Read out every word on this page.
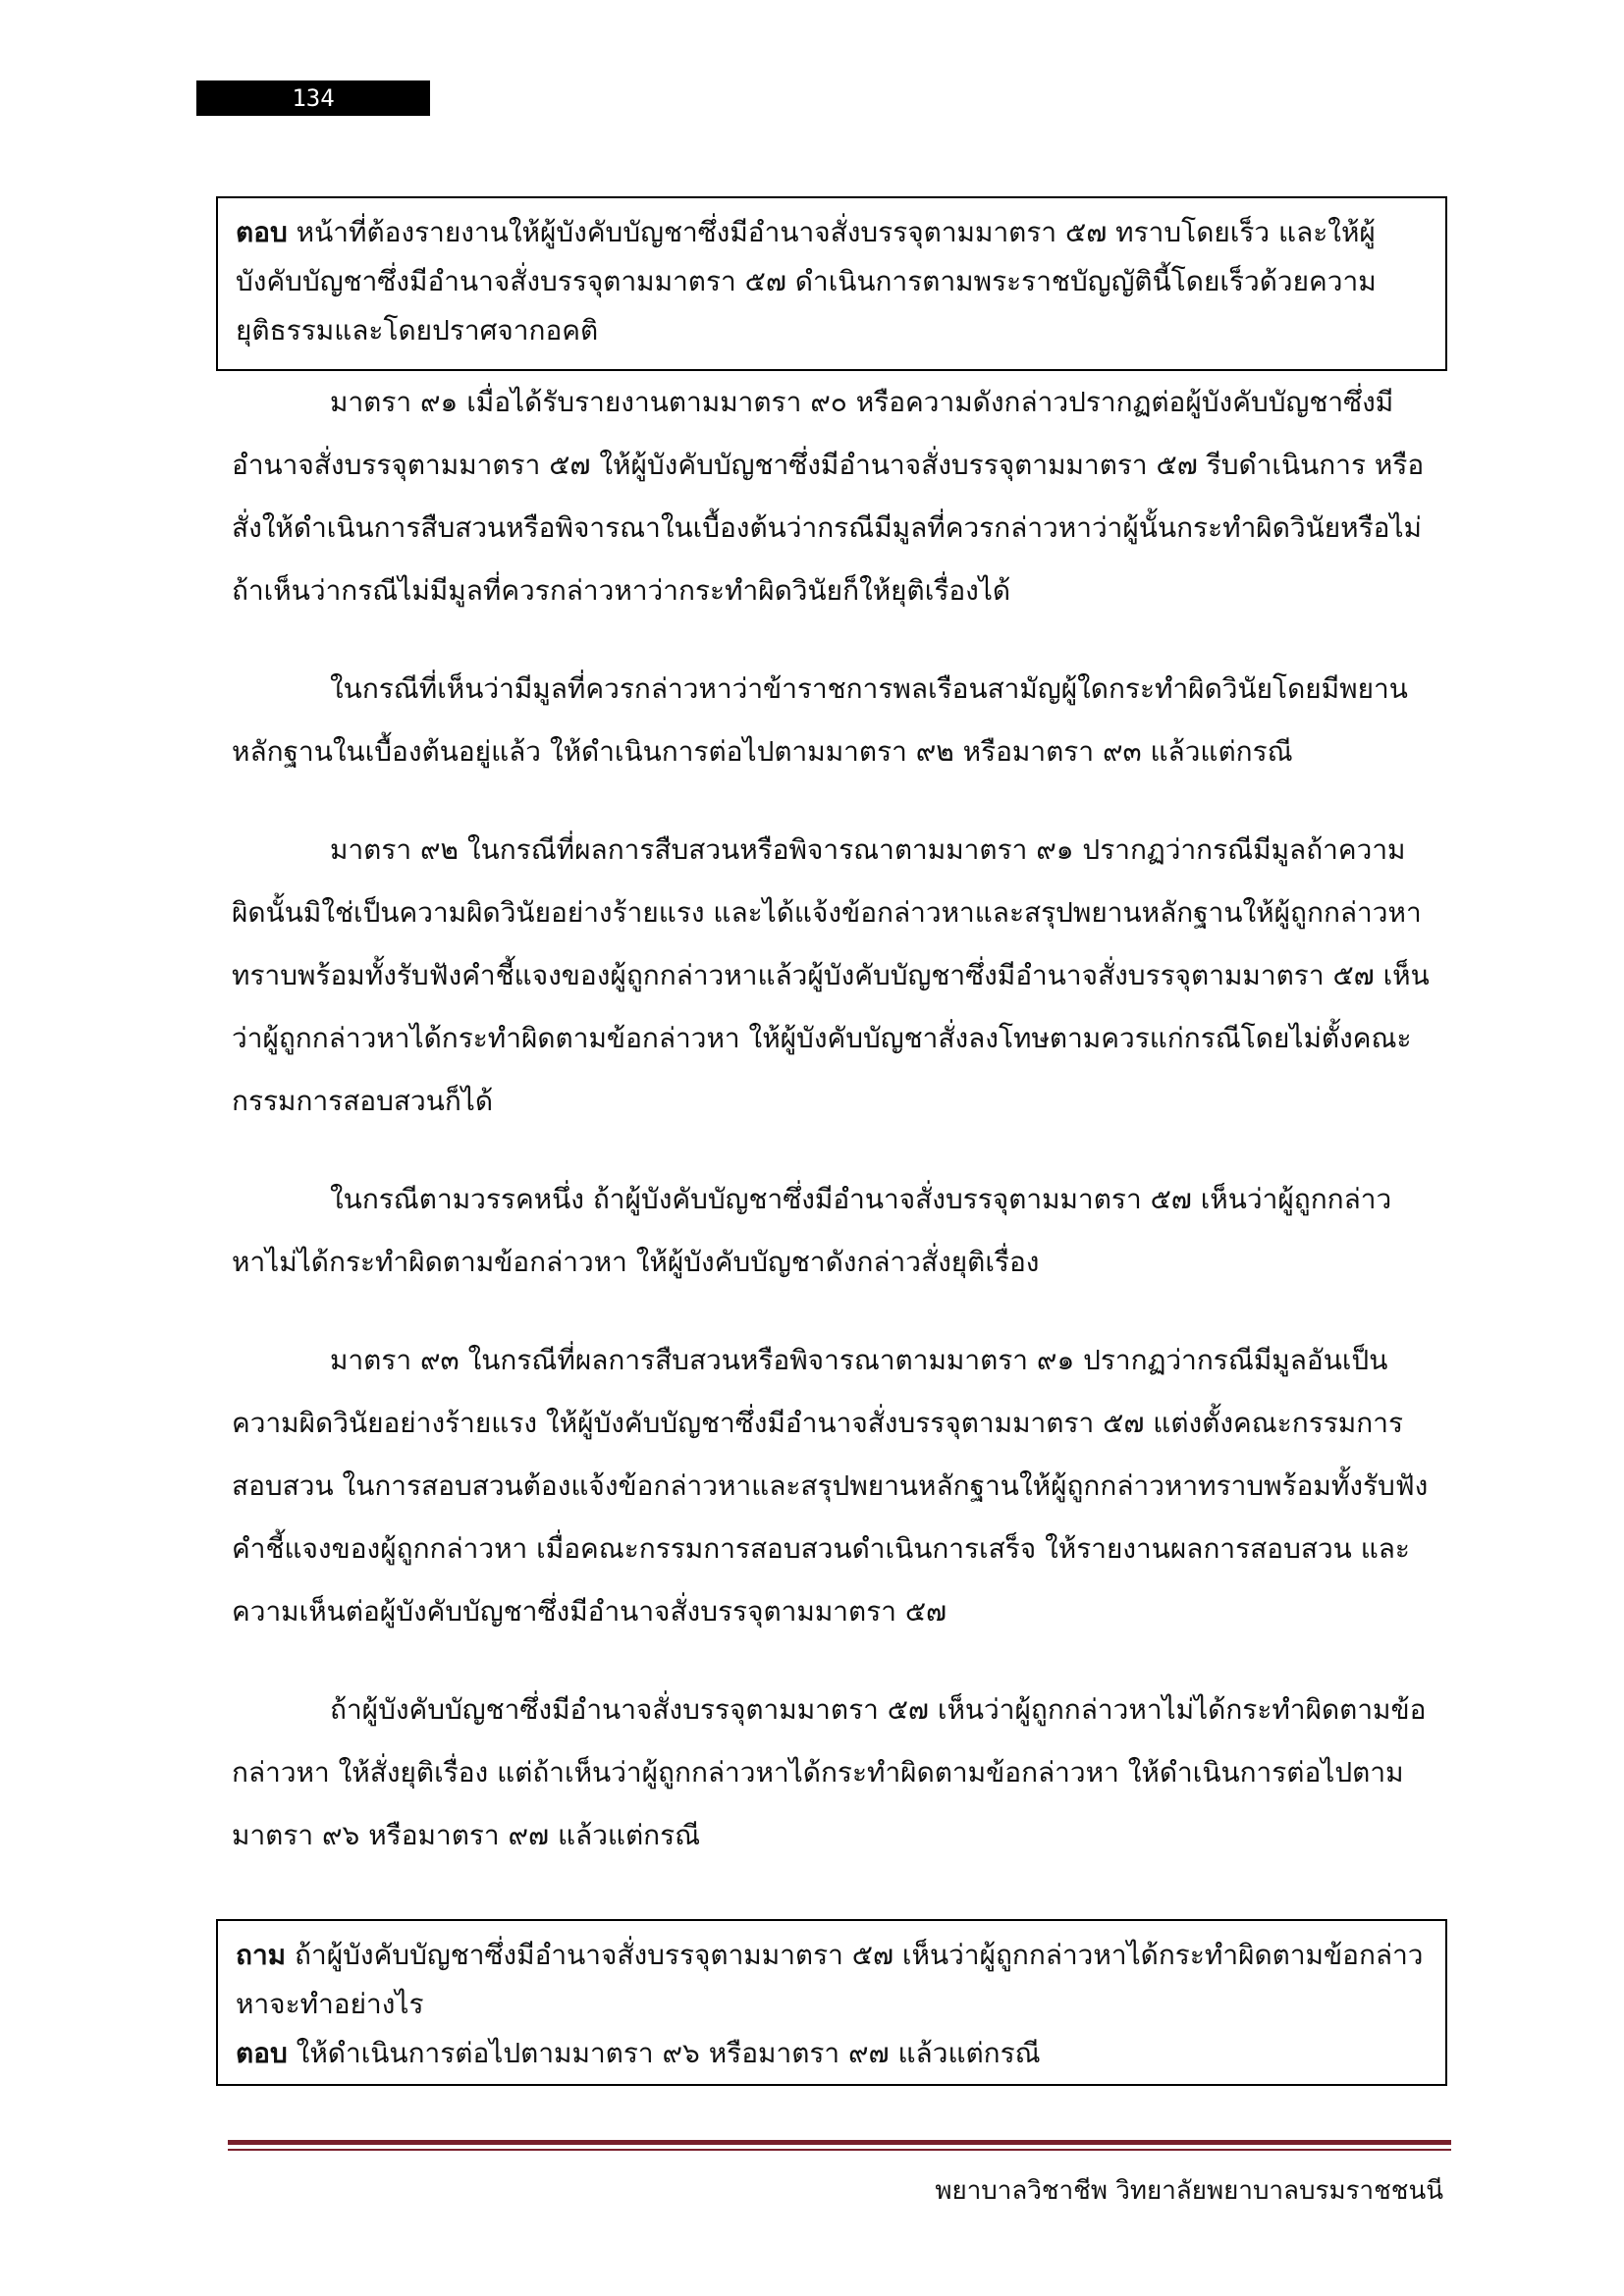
134

ตอบ หน้าที่ต้องรายงานให้ผู้บังคับบัญชาซึ่งมีอำนาจสั่งบรรจุตามมาตรา ๕๗ ทราบโดยเร็ว และให้ผู้บังคับบัญชาซึ่งมีอำนาจสั่งบรรจุตามมาตรา ๕๗ ดำเนินการตามพระราชบัญญัตินี้โดยเร็วด้วยความยุติธรรมและโดยปราศจากอคติ

มาตรา ๙๑ เมื่อได้รับรายงานตามมาตรา ๙๐ หรือความดังกล่าวปรากฏต่อผู้บังคับบัญชาซึ่งมีอำนาจสั่งบรรจุตามมาตรา ๕๗ ให้ผู้บังคับบัญชาซึ่งมีอำนาจสั่งบรรจุตามมาตรา ๕๗ รีบดำเนินการ หรือสั่งให้ดำเนินการสืบสวนหรือพิจารณาในเบื้องต้นว่ากรณีมีมูลที่ควรกล่าวหาว่าผู้นั้นกระทำผิดวินัยหรือไม่ ถ้าเห็นว่ากรณีไม่มีมูลที่ควรกล่าวหาว่ากระทำผิดวินัยก็ให้ยุติเรื่องได้

ในกรณีที่เห็นว่ามีมูลที่ควรกล่าวหาว่าข้าราชการพลเรือนสามัญผู้ใดกระทำผิดวินัยโดยมีพยานหลักฐานในเบื้องต้นอยู่แล้ว ให้ดำเนินการต่อไปตามมาตรา ๙๒ หรือมาตรา ๙๓ แล้วแต่กรณี

มาตรา ๙๒ ในกรณีที่ผลการสืบสวนหรือพิจารณาตามมาตรา ๙๑ ปรากฏว่ากรณีมีมูลถ้าความผิดนั้นมิใช่เป็นความผิดวินัยอย่างร้ายแรง และได้แจ้งข้อกล่าวหาและสรุปพยานหลักฐานให้ผู้ถูกกล่าวหาทราบพร้อมทั้งรับฟังคำชี้แจงของผู้ถูกกล่าวหาแล้วผู้บังคับบัญชาซึ่งมีอำนาจสั่งบรรจุตามมาตรา ๕๗ เห็นว่าผู้ถูกกล่าวหาได้กระทำผิดตามข้อกล่าวหา ให้ผู้บังคับบัญชาสั่งลงโทษตามควรแก่กรณีโดยไม่ตั้งคณะกรรมการสอบสวนก็ได้

ในกรณีตามวรรคหนึ่ง ถ้าผู้บังคับบัญชาซึ่งมีอำนาจสั่งบรรจุตามมาตรา ๕๗ เห็นว่าผู้ถูกกล่าวหาไม่ได้กระทำผิดตามข้อกล่าวหา ให้ผู้บังคับบัญชาดังกล่าวสั่งยุติเรื่อง

มาตรา ๙๓ ในกรณีที่ผลการสืบสวนหรือพิจารณาตามมาตรา ๙๑ ปรากฏว่ากรณีมีมูลอันเป็นความผิดวินัยอย่างร้ายแรง ให้ผู้บังคับบัญชาซึ่งมีอำนาจสั่งบรรจุตามมาตรา ๕๗ แต่งตั้งคณะกรรมการสอบสวน ในการสอบสวนต้องแจ้งข้อกล่าวหาและสรุปพยานหลักฐานให้ผู้ถูกกล่าวหาทราบพร้อมทั้งรับฟังคำชี้แจงของผู้ถูกกล่าวหา เมื่อคณะกรรมการสอบสวนดำเนินการเสร็จ ให้รายงานผลการสอบสวน และความเห็นต่อผู้บังคับบัญชาซึ่งมีอำนาจสั่งบรรจุตามมาตรา ๕๗

ถ้าผู้บังคับบัญชาซึ่งมีอำนาจสั่งบรรจุตามมาตรา ๕๗ เห็นว่าผู้ถูกกล่าวหาไม่ได้กระทำผิดตามข้อกล่าวหา ให้สั่งยุติเรื่อง แต่ถ้าเห็นว่าผู้ถูกกล่าวหาได้กระทำผิดตามข้อกล่าวหา ให้ดำเนินการต่อไปตามมาตรา ๙๖ หรือมาตรา ๙๗ แล้วแต่กรณี

ถาม ถ้าผู้บังคับบัญชาซึ่งมีอำนาจสั่งบรรจุตามมาตรา ๕๗ เห็นว่าผู้ถูกกล่าวหาได้กระทำผิดตามข้อกล่าวหาจะทำอย่างไร

ตอบ ให้ดำเนินการต่อไปตามมาตรา ๙๖ หรือมาตรา ๙๗ แล้วแต่กรณี

พยาบาลวิชาชีพ วิทยาลัยพยาบาลบรมราชชนนี
